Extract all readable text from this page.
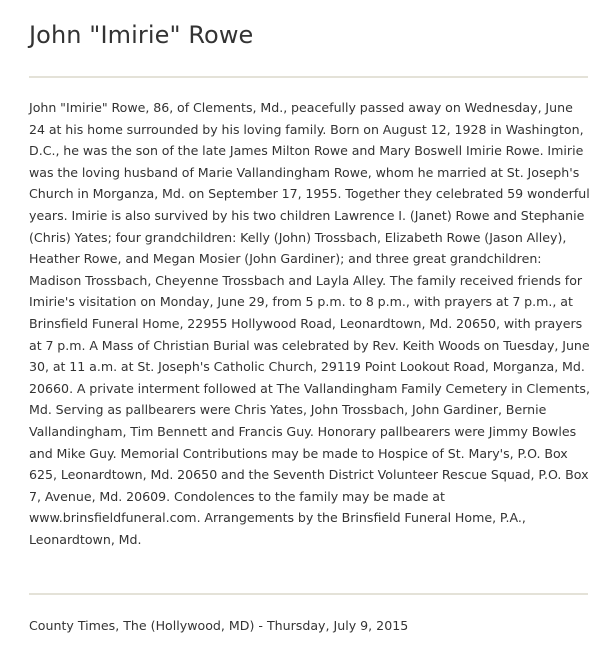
John "Imirie" Rowe

John "Imirie" Rowe, 86, of Clements, Md., peacefully passed away on Wednesday, June 24 at his home surrounded by his loving family. Born on August 12, 1928 in Washington, D.C., he was the son of the late James Milton Rowe and Mary Boswell Imirie Rowe. Imirie was the loving husband of Marie Vallandingham Rowe, whom he married at St. Joseph's Church in Morganza, Md. on September 17, 1955. Together they celebrated 59 wonderful years. Imirie is also survived by his two children Lawrence I. (Janet) Rowe and Stephanie (Chris) Yates; four grandchildren: Kelly (John) Trossbach, Elizabeth Rowe (Jason Alley), Heather Rowe, and Megan Mosier (John Gardiner); and three great grandchildren: Madison Trossbach, Cheyenne Trossbach and Layla Alley. The family received friends for Imirie's visitation on Monday, June 29, from 5 p.m. to 8 p.m., with prayers at 7 p.m., at Brinsfield Funeral Home, 22955 Hollywood Road, Leonardtown, Md. 20650, with prayers at 7 p.m. A Mass of Christian Burial was celebrated by Rev. Keith Woods on Tuesday, June 30, at 11 a.m. at St. Joseph's Catholic Church, 29119 Point Lookout Road, Morganza, Md. 20660. A private interment followed at The Vallandingham Family Cemetery in Clements, Md. Serving as pallbearers were Chris Yates, John Trossbach, John Gardiner, Bernie Vallandingham, Tim Bennett and Francis Guy. Honorary pallbearers were Jimmy Bowles and Mike Guy. Memorial Contributions may be made to Hospice of St. Mary's, P.O. Box 625, Leonardtown, Md. 20650 and the Seventh District Volunteer Rescue Squad, P.O. Box 7, Avenue, Md. 20609. Condolences to the family may be made at www.brinsfieldfuneral.com. Arrangements by the Brinsfield Funeral Home, P.A., Leonardtown, Md.

County Times, The (Hollywood, MD) - Thursday, July 9, 2015
